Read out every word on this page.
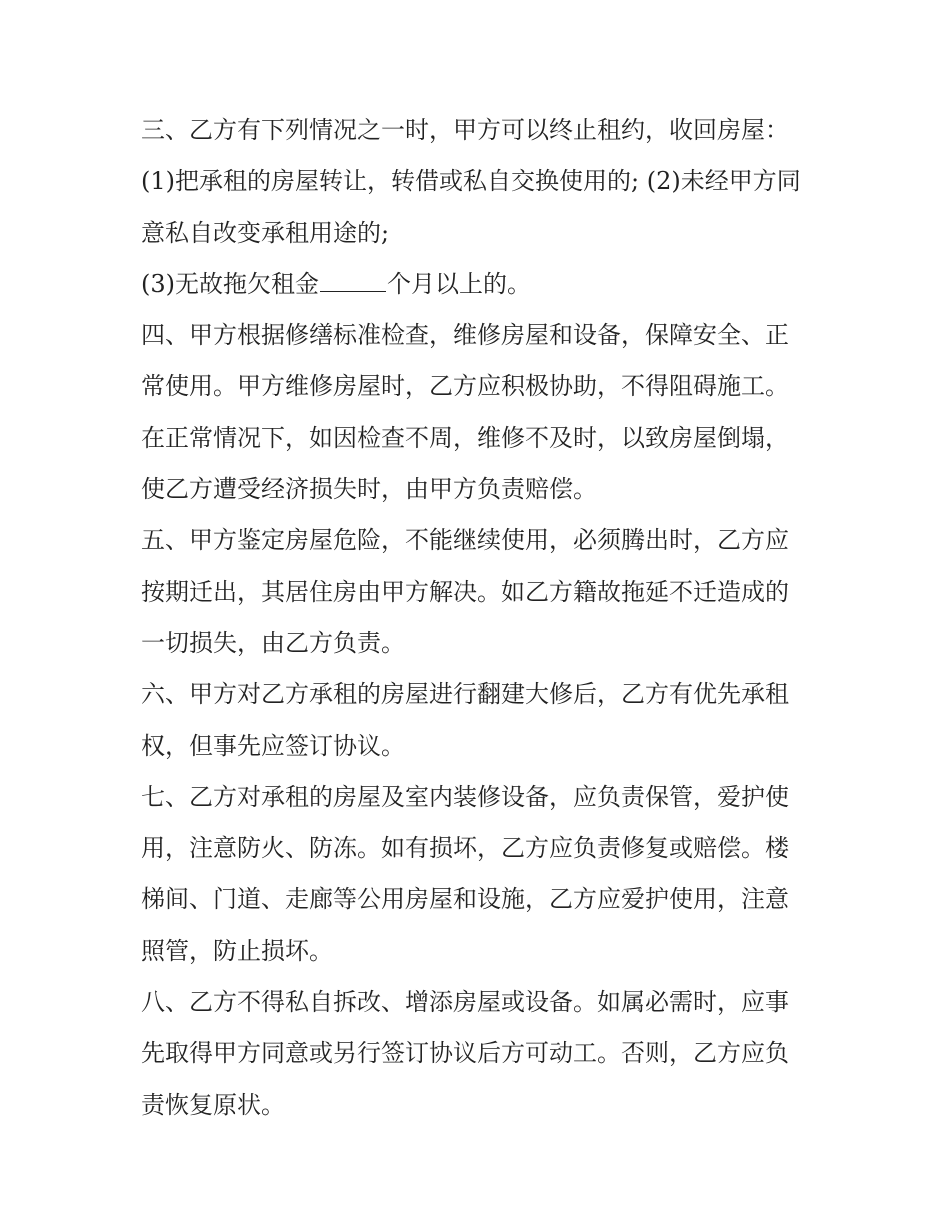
三、乙方有下列情况之一时，甲方可以终止租约，收回房屋：
(1)把承租的房屋转让，转借或私自交换使用的; (2)未经甲方同
意私自改变承租用途的;
(3)无故拖欠租金	个月以上的。
四、甲方根据修缮标准检查，维修房屋和设备，保障安全、正
常使用。甲方维修房屋时，乙方应积极协助，不得阻碍施工。
在正常情况下，如因检查不周，维修不及时，以致房屋倒塌，
使乙方遭受经济损失时，由甲方负责赔偿。
五、甲方鉴定房屋危险，不能继续使用，必须腾出时，乙方应
按期迁出，其居住房由甲方解决。如乙方籍故拖延不迁造成的
一切损失，由乙方负责。
六、甲方对乙方承租的房屋进行翻建大修后，乙方有优先承租
权，但事先应签订协议。
七、乙方对承租的房屋及室内装修设备，应负责保管，爱护使
用，注意防火、防冻。如有损坏，乙方应负责修复或赔偿。楼
梯间、门道、走廊等公用房屋和设施，乙方应爱护使用，注意
照管，防止损坏。
八、乙方不得私自拆改、增添房屋或设备。如属必需时，应事
先取得甲方同意或另行签订协议后方可动工。否则，乙方应负
责恢复原状。
